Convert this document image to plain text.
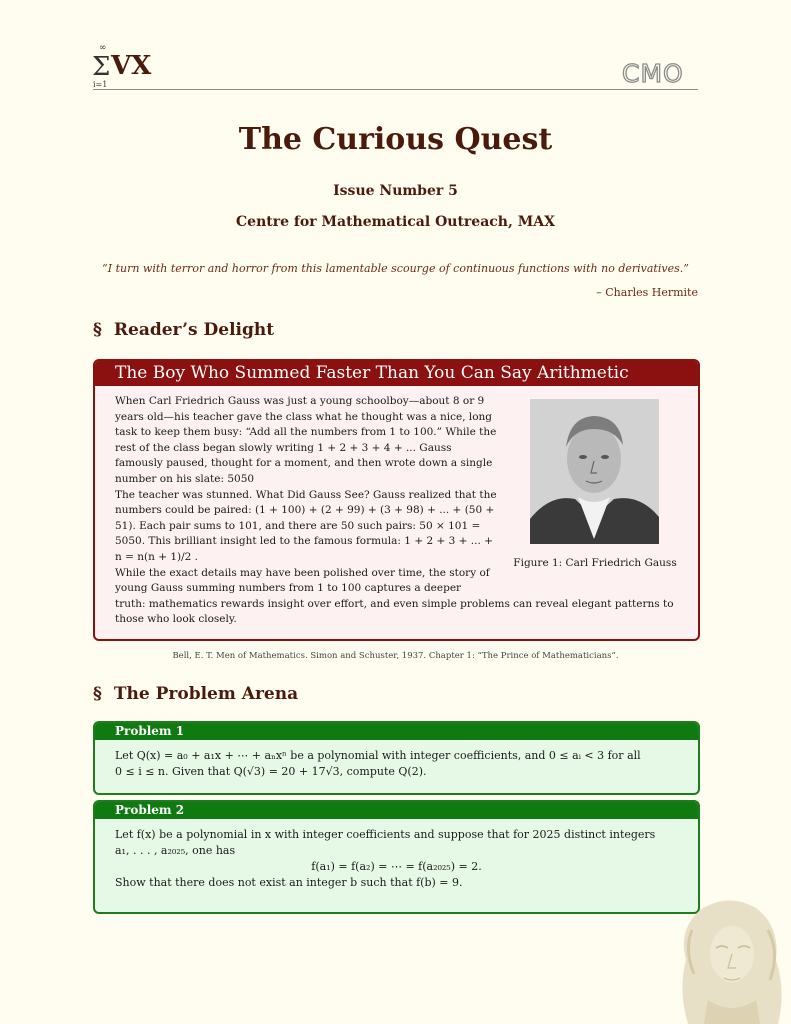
∞
Σ VX
i=1	CMO
The Curious Quest
Issue Number 5
Centre for Mathematical Outreach, MAX
“I turn with terror and horror from this lamentable scourge of continuous functions with no derivatives.”
– Charles Hermite
§ Reader’s Delight
The Boy Who Summed Faster Than You Can Say Arithmetic

When Carl Friedrich Gauss was just a young schoolboy—about 8 or 9 years old—his teacher gave the class what he thought was a nice, long task to keep them busy: “Add all the numbers from 1 to 100.” While the rest of the class began slowly writing 1 + 2 + 3 + 4 + ... Gauss famously paused, thought for a moment, and then wrote down a single number on his slate: 5050

The teacher was stunned. What Did Gauss See? Gauss realized that the numbers could be paired: (1 + 100) + (2 + 99) + (3 + 98) + ... + (50 + 51). Each pair sums to 101, and there are 50 such pairs: 50 × 101 = 5050. This brilliant insight led to the famous formula: 1 + 2 + 3 + ... + n = n(n + 1)/2 .

While the exact details may have been polished over time, the story of young Gauss summing numbers from 1 to 100 captures a deeper

truth: mathematics rewards insight over effort, and even simple problems can reveal elegant patterns to those who look closely.

Figure 1: Carl Friedrich Gauss
Bell, E. T. Men of Mathematics. Simon and Schuster, 1937. Chapter 1: “The Prince of Mathematicians”.
§ The Problem Arena
Problem 1

Let Q(x) = a₀ + a₁x + ⋯ + aₙxⁿ be a polynomial with integer coefficients, and 0 ≤ aᵢ < 3 for all

0 ≤ i ≤ n. Given that Q(√3) = 20 + 17√3, compute Q(2).

Problem 2

Let f(x) be a polynomial in x with integer coefficients and suppose that for 2025 distinct integers

a₁, . . . , a₂₀₂₅, one has

f(a₁) = f(a₂) = ⋯ = f(a₂₀₂₅) = 2.

Show that there does not exist an integer b such that f(b) = 9.
